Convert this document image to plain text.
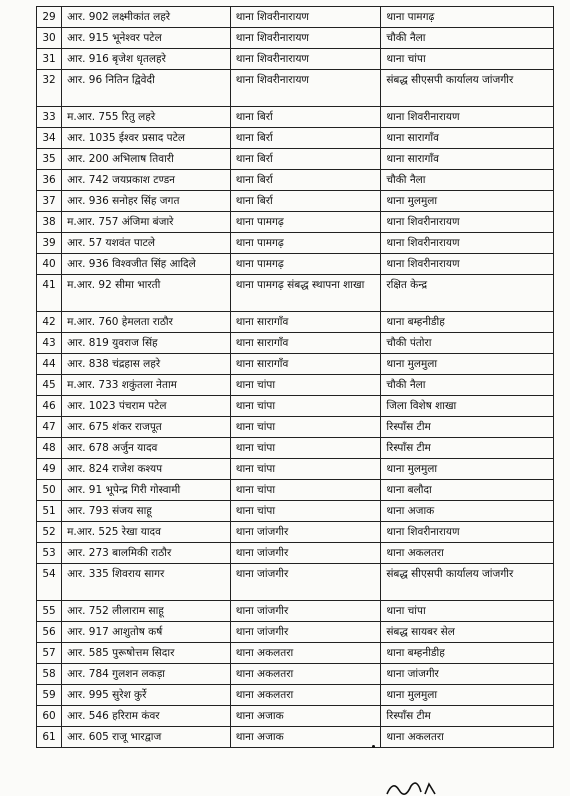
29	आर. 902 लक्ष्मीकांत लहरे	थाना शिवरीनारायण	थाना पामगढ़
30	आर. 915 भूनेश्वर पटेल	थाना शिवरीनारायण	चौकी नैला
31	आर. 916 बृजेश धृतलहरे	थाना शिवरीनारायण	थाना चांपा
32	आर. 96 नितिन द्विवेदी	थाना शिवरीनारायण	संबद्ध सीएसपी कार्यालय जांजगीर
33	म.आर. 755 रितु लहरे	थाना बिर्रा	थाना शिवरीनारायण
34	आर. 1035 ईश्वर प्रसाद पटेल	थाना बिर्रा	थाना सारागाँव
35	आर. 200 अभिलाष तिवारी	थाना बिर्रा	थाना सारागाँव
36	आर. 742 जयप्रकाश टण्डन	थाना बिर्रा	चौकी नैला
37	आर. 936 सनोहर सिंह जगत	थाना बिर्रा	थाना मुलमुला
38	म.आर. 757 अंजिमा बंजारे	थाना पामगढ़	थाना शिवरीनारायण
39	आर. 57 यशवंत पाटले	थाना पामगढ़	थाना शिवरीनारायण
40	आर. 936 विश्वजीत सिंह आदिले	थाना पामगढ़	थाना शिवरीनारायण
41	म.आर. 92 सीमा भारती	थाना पामगढ़ संबद्ध स्थापना शाखा	रक्षित केन्द्र
42	म.आर. 760 हेमलता राठौर	थाना सारागाँव	थाना बम्हनीडीह
43	आर. 819 युवराज सिंह	थाना सारागाँव	चौकी पंतोरा
44	आर. 838 चंद्रहास लहरे	थाना सारागाँव	थाना मुलमुला
45	म.आर. 733 शकुंतला नेताम	थाना चांपा	चौकी नैला
46	आर. 1023 पंचराम पटेल	थाना चांपा	जिला विशेष शाखा
47	आर. 675 शंकर राजपूत	थाना चांपा	रिस्पॉंस टीम
48	आर. 678 अर्जुन यादव	थाना चांपा	रिस्पॉंस टीम
49	आर. 824 राजेश कश्यप	थाना चांपा	थाना मुलमुला
50	आर. 91 भूपेन्द्र गिरी गोस्वामी	थाना चांपा	थाना बलौदा
51	आर. 793 संजय साहू	थाना चांपा	थाना अजाक
52	म.आर. 525 रेखा यादव	थाना जांजगीर	थाना शिवरीनारायण
53	आर. 273 बालमिकी राठौर	थाना जांजगीर	थाना अकलतरा
54	आर. 335 शिवराय सागर	थाना जांजगीर	संबद्ध सीएसपी कार्यालय जांजगीर
55	आर. 752 लीलाराम साहू	थाना जांजगीर	थाना चांपा
56	आर. 917 आशुतोष कर्ष	थाना जांजगीर	संबद्ध सायबर सेल
57	आर. 585 पुरूषोत्तम सिदार	थाना अकलतरा	थाना बम्हनीडीह
58	आर. 784 गुलशन लकड़ा	थाना अकलतरा	थाना जांजगीर
59	आर. 995 सुरेश कुर्रे	थाना अकलतरा	थाना मुलमुला
60	आर. 546 हरिराम कंवर	थाना अजाक	रिस्पॉंस टीम
61	आर. 605 राजू भारद्वाज	थाना अजाक	थाना अकलतरा
